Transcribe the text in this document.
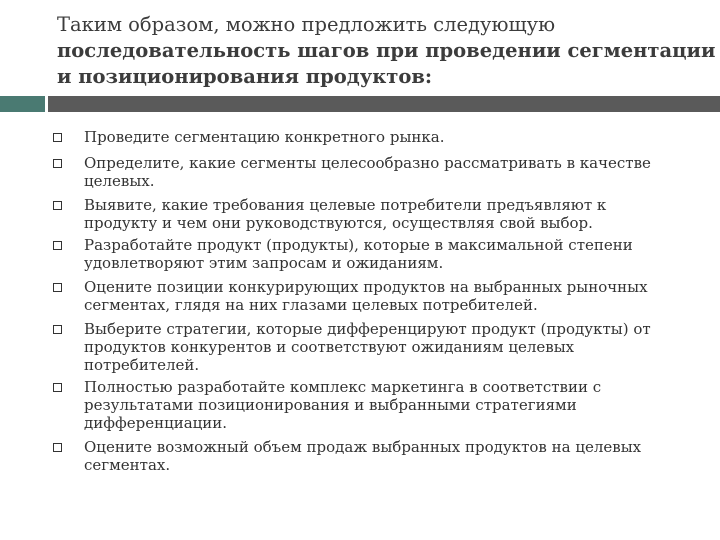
Таким образом, можно предложить следующую
последовательность шагов при проведении сегментации
и позиционирования продуктов:
Проведите сегментацию конкретного рынка.
Определите, какие сегменты целесообразно рассматривать в качестве
целевых.
Выявите, какие требования целевые потребители предъявляют к
продукту и чем они руководствуются, осуществляя свой выбор.
Разработайте продукт (продукты), которые в максимальной степени
удовлетворяют этим запросам и ожиданиям.
Оцените позиции конкурирующих продуктов на выбранных рыночных
сегментах, глядя на них глазами целевых потребителей.
Выберите стратегии, которые дифференцируют продукт (продукты) от
продуктов конкурентов и соответствуют ожиданиям целевых
потребителей.
Полностью разработайте комплекс маркетинга в соответствии с
результатами позиционирования и выбранными стратегиями
дифференциации.
Оцените возможный объем продаж выбранных продуктов на целевых
сегментах.
